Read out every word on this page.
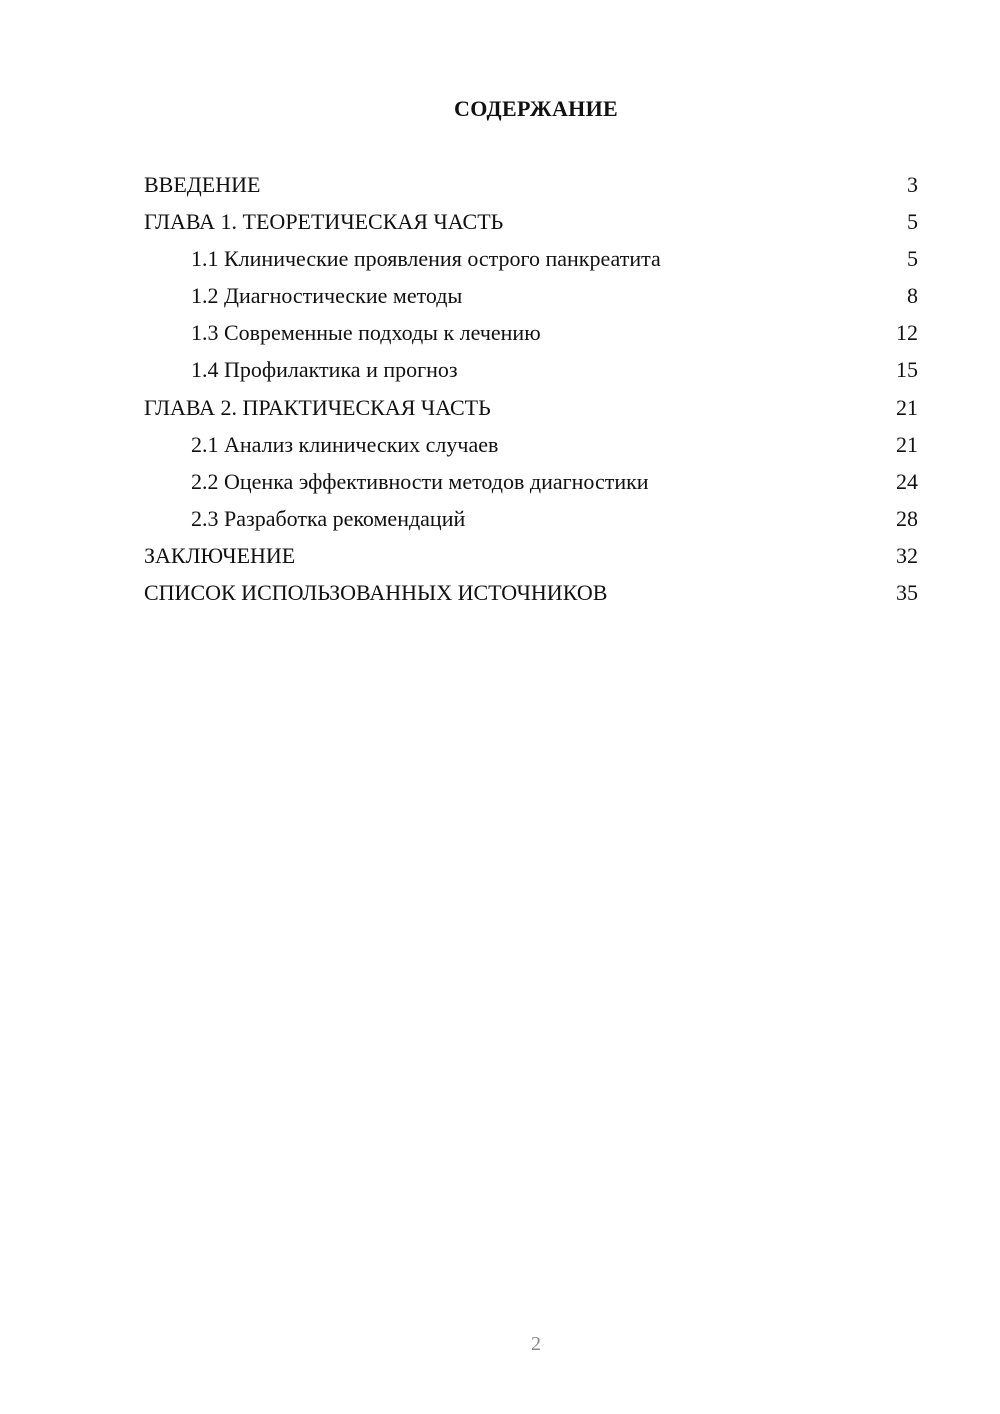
СОДЕРЖАНИЕ
ВВЕДЕНИЕ	3
ГЛАВА 1. ТЕОРЕТИЧЕСКАЯ ЧАСТЬ	5
1.1 Клинические проявления острого панкреатита	5
1.2 Диагностические методы	8
1.3 Современные подходы к лечению	12
1.4 Профилактика и прогноз	15
ГЛАВА 2. ПРАКТИЧЕСКАЯ ЧАСТЬ	21
2.1 Анализ клинических случаев	21
2.2 Оценка эффективности методов диагностики	24
2.3 Разработка рекомендаций	28
ЗАКЛЮЧЕНИЕ	32
СПИСОК ИСПОЛЬЗОВАННЫХ ИСТОЧНИКОВ	35
2
